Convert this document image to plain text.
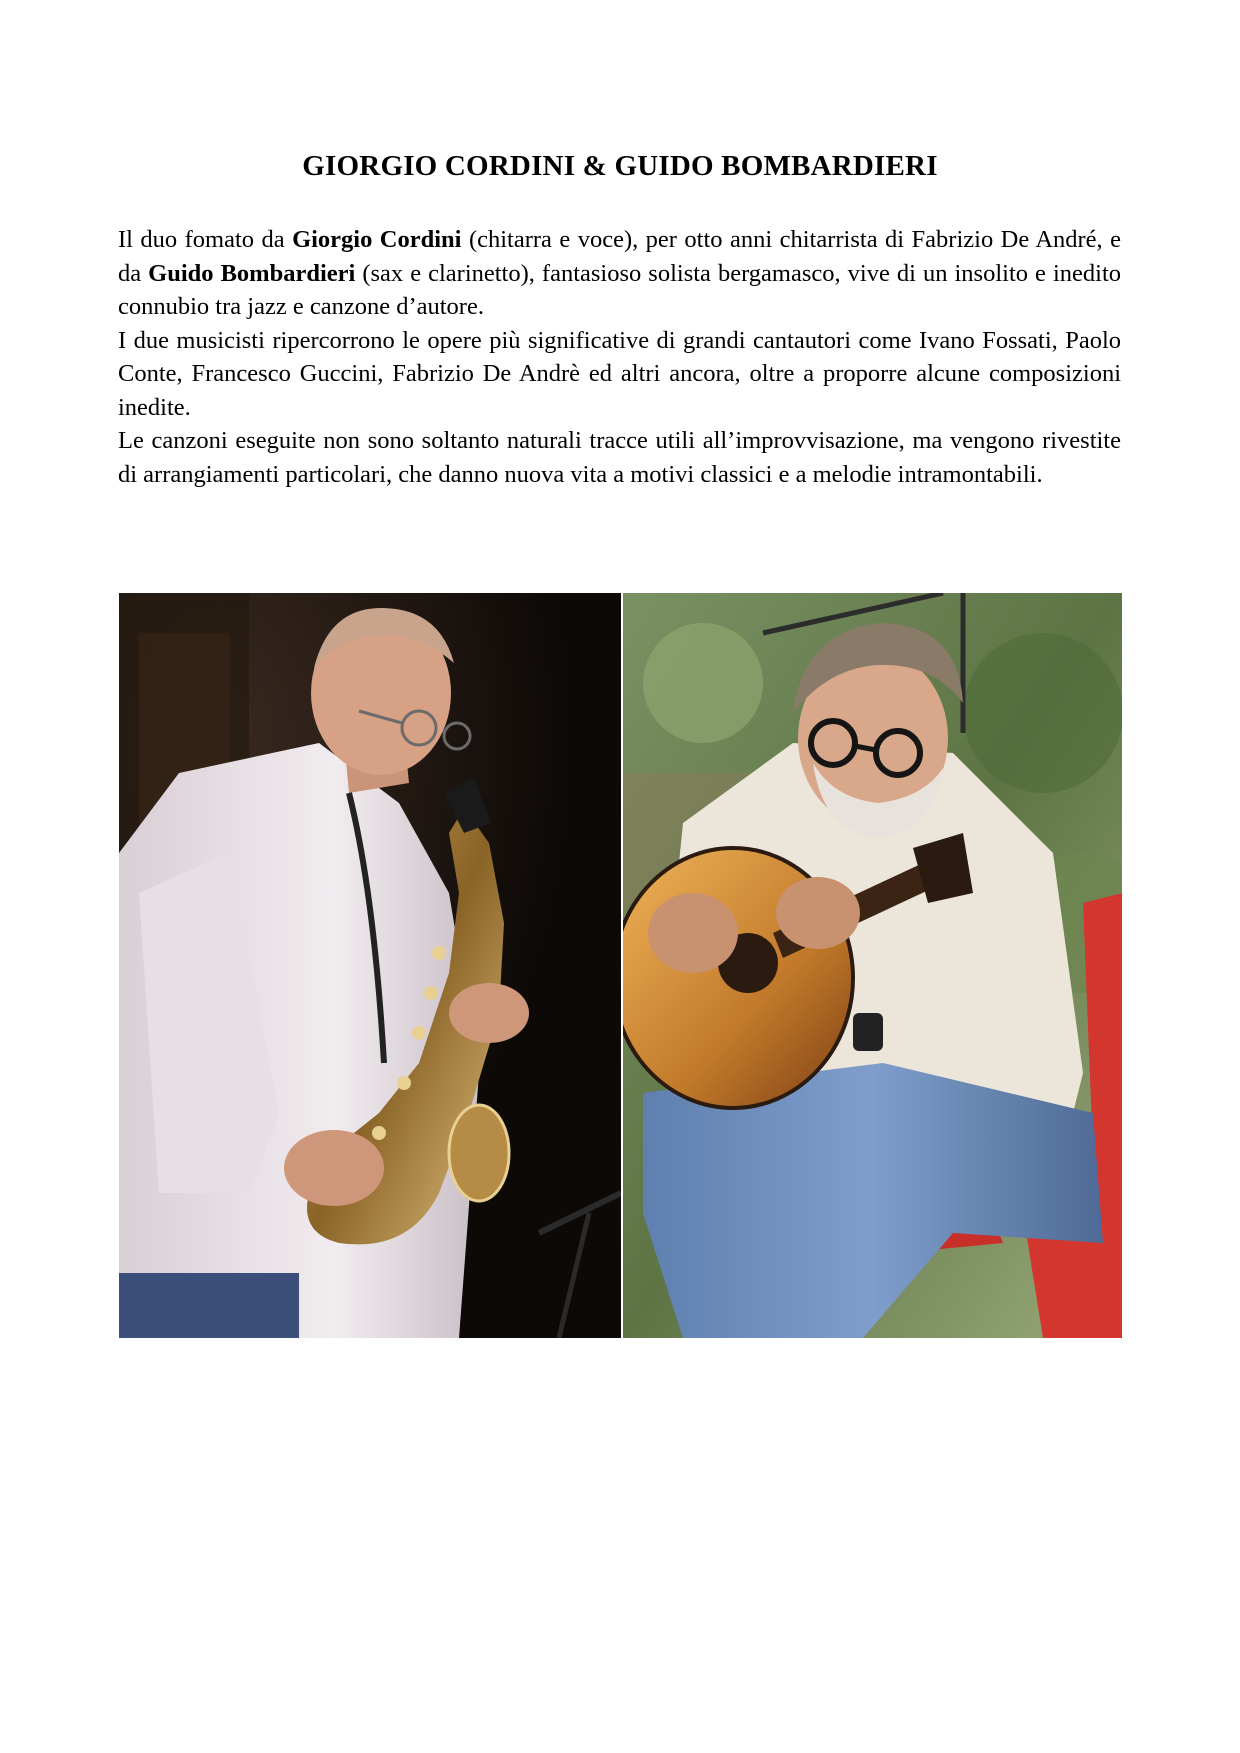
GIORGIO CORDINI & GUIDO BOMBARDIERI

Il duo fomato da Giorgio Cordini (chitarra e voce), per otto anni chitarrista di Fabrizio De André, e da Guido Bombardieri (sax e clarinetto), fantasioso solista bergamasco, vive di un insolito e inedito connubio tra jazz e canzone d’autore.

I due musicisti ripercorrono le opere più significative di grandi cantautori come Ivano Fossati, Paolo Conte, Francesco Guccini, Fabrizio De Andrè ed altri ancora, oltre a proporre alcune composizioni inedite.

Le canzoni eseguite non sono soltanto naturali tracce utili all’improvvisazione, ma vengono rivestite di arrangiamenti particolari, che danno nuova vita a motivi classici e a melodie intramontabili.
